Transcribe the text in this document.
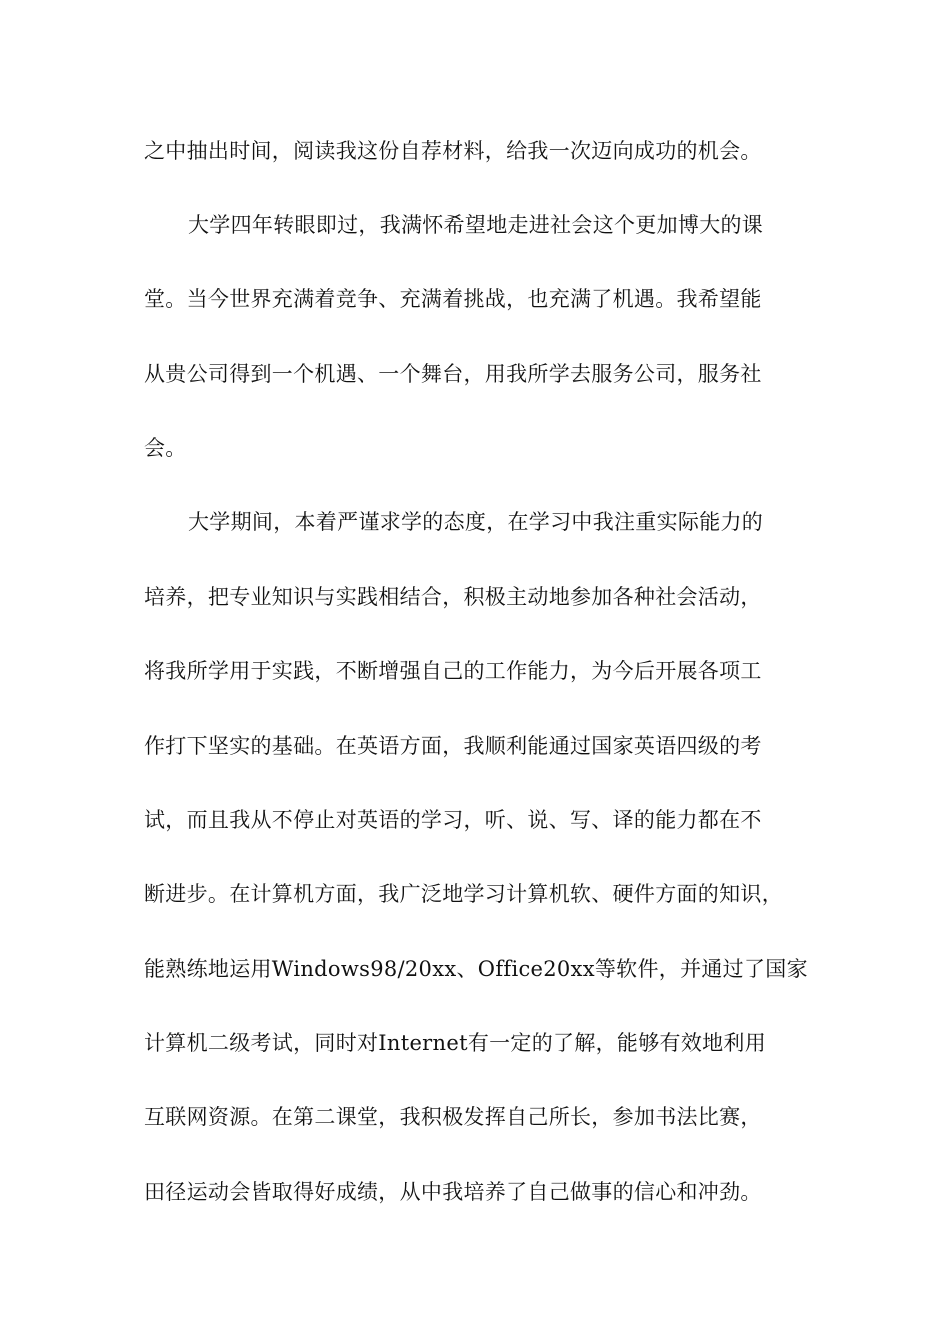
之中抽出时间，阅读我这份自荐材料，给我一次迈向成功的机会。
大学四年转眼即过，我满怀希望地走进社会这个更加博大的课
堂。当今世界充满着竞争、充满着挑战，也充满了机遇。我希望能
从贵公司得到一个机遇、一个舞台，用我所学去服务公司，服务社
会。
大学期间，本着严谨求学的态度，在学习中我注重实际能力的
培养，把专业知识与实践相结合，积极主动地参加各种社会活动，
将我所学用于实践，不断增强自己的工作能力，为今后开展各项工
作打下坚实的基础。在英语方面，我顺利能通过国家英语四级的考
试，而且我从不停止对英语的学习，听、说、写、译的能力都在不
断进步。在计算机方面，我广泛地学习计算机软、硬件方面的知识，
能熟练地运用Windows98/20xx、Office20xx等软件，并通过了国家
计算机二级考试，同时对Internet有一定的了解，能够有效地利用
互联网资源。在第二课堂，我积极发挥自己所长，参加书法比赛，
田径运动会皆取得好成绩，从中我培养了自己做事的信心和冲劲。
